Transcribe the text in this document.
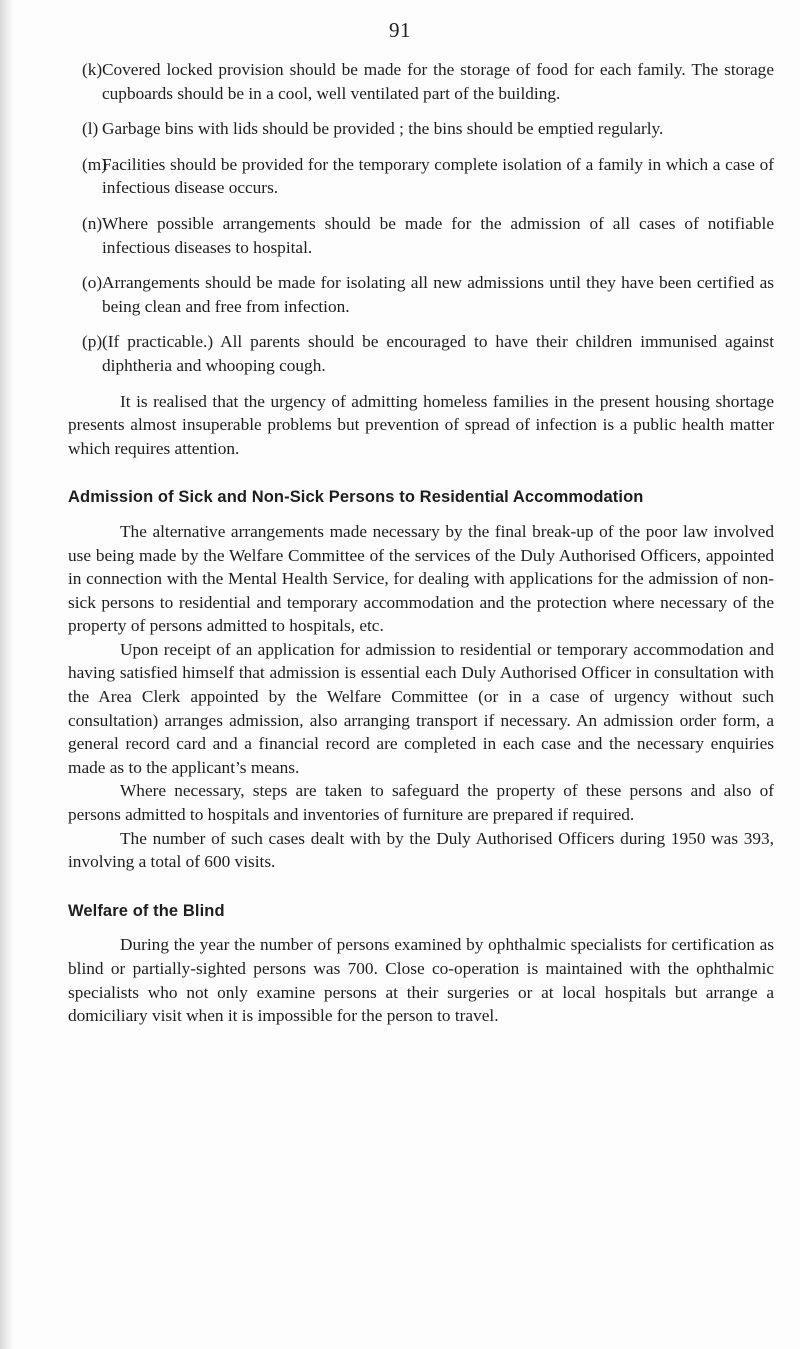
91
(k) Covered locked provision should be made for the storage of food for each family. The storage cupboards should be in a cool, well ventilated part of the building.
(l) Garbage bins with lids should be provided ; the bins should be emptied regularly.
(m)
Facilities should be provided for the temporary complete isolation of a family in which a case of infectious disease occurs.
(n) Where possible arrangements should be made for the admission of all cases of notifiable infectious diseases to hospital.
(o) Arrangements should be made for isolating all new admissions until they have been certified as being clean and free from infection.
(p) (If practicable.) All parents should be encouraged to have their children immunised against diphtheria and whooping cough.

It is realised that the urgency of admitting homeless families in the present housing shortage presents almost insuperable problems but prevention of spread of infection is a public health matter which requires attention.

Admission of Sick and Non-Sick Persons to Residential Accommodation

The alternative arrangements made necessary by the final break-up of the poor law involved use being made by the Welfare Committee of the services of the Duly Authorised Officers, appointed in connection with the Mental Health Service, for dealing with applications for the admission of non-sick persons to residential and temporary accommodation and the protection where necessary of the property of persons admitted to hospitals, etc.

Upon receipt of an application for admission to residential or temporary accommodation and having satisfied himself that admission is essential each Duly Authorised Officer in consultation with the Area Clerk appointed by the Welfare Committee (or in a case of urgency without such consultation) arranges admission, also arranging transport if necessary. An admission order form, a general record card and a financial record are completed in each case and the necessary enquiries made as to the applicant’s means.

Where necessary, steps are taken to safeguard the property of these persons and also of persons admitted to hospitals and inventories of furniture are prepared if required.

The number of such cases dealt with by the Duly Authorised Officers during 1950 was 393, involving a total of 600 visits.

Welfare of the Blind

During the year the number of persons examined by ophthalmic specialists for certification as blind or partially-sighted persons was 700. Close co-operation is maintained with the ophthalmic specialists who not only examine persons at their surgeries or at local hospitals but arrange a domiciliary visit when it is impossible for the person to travel.
